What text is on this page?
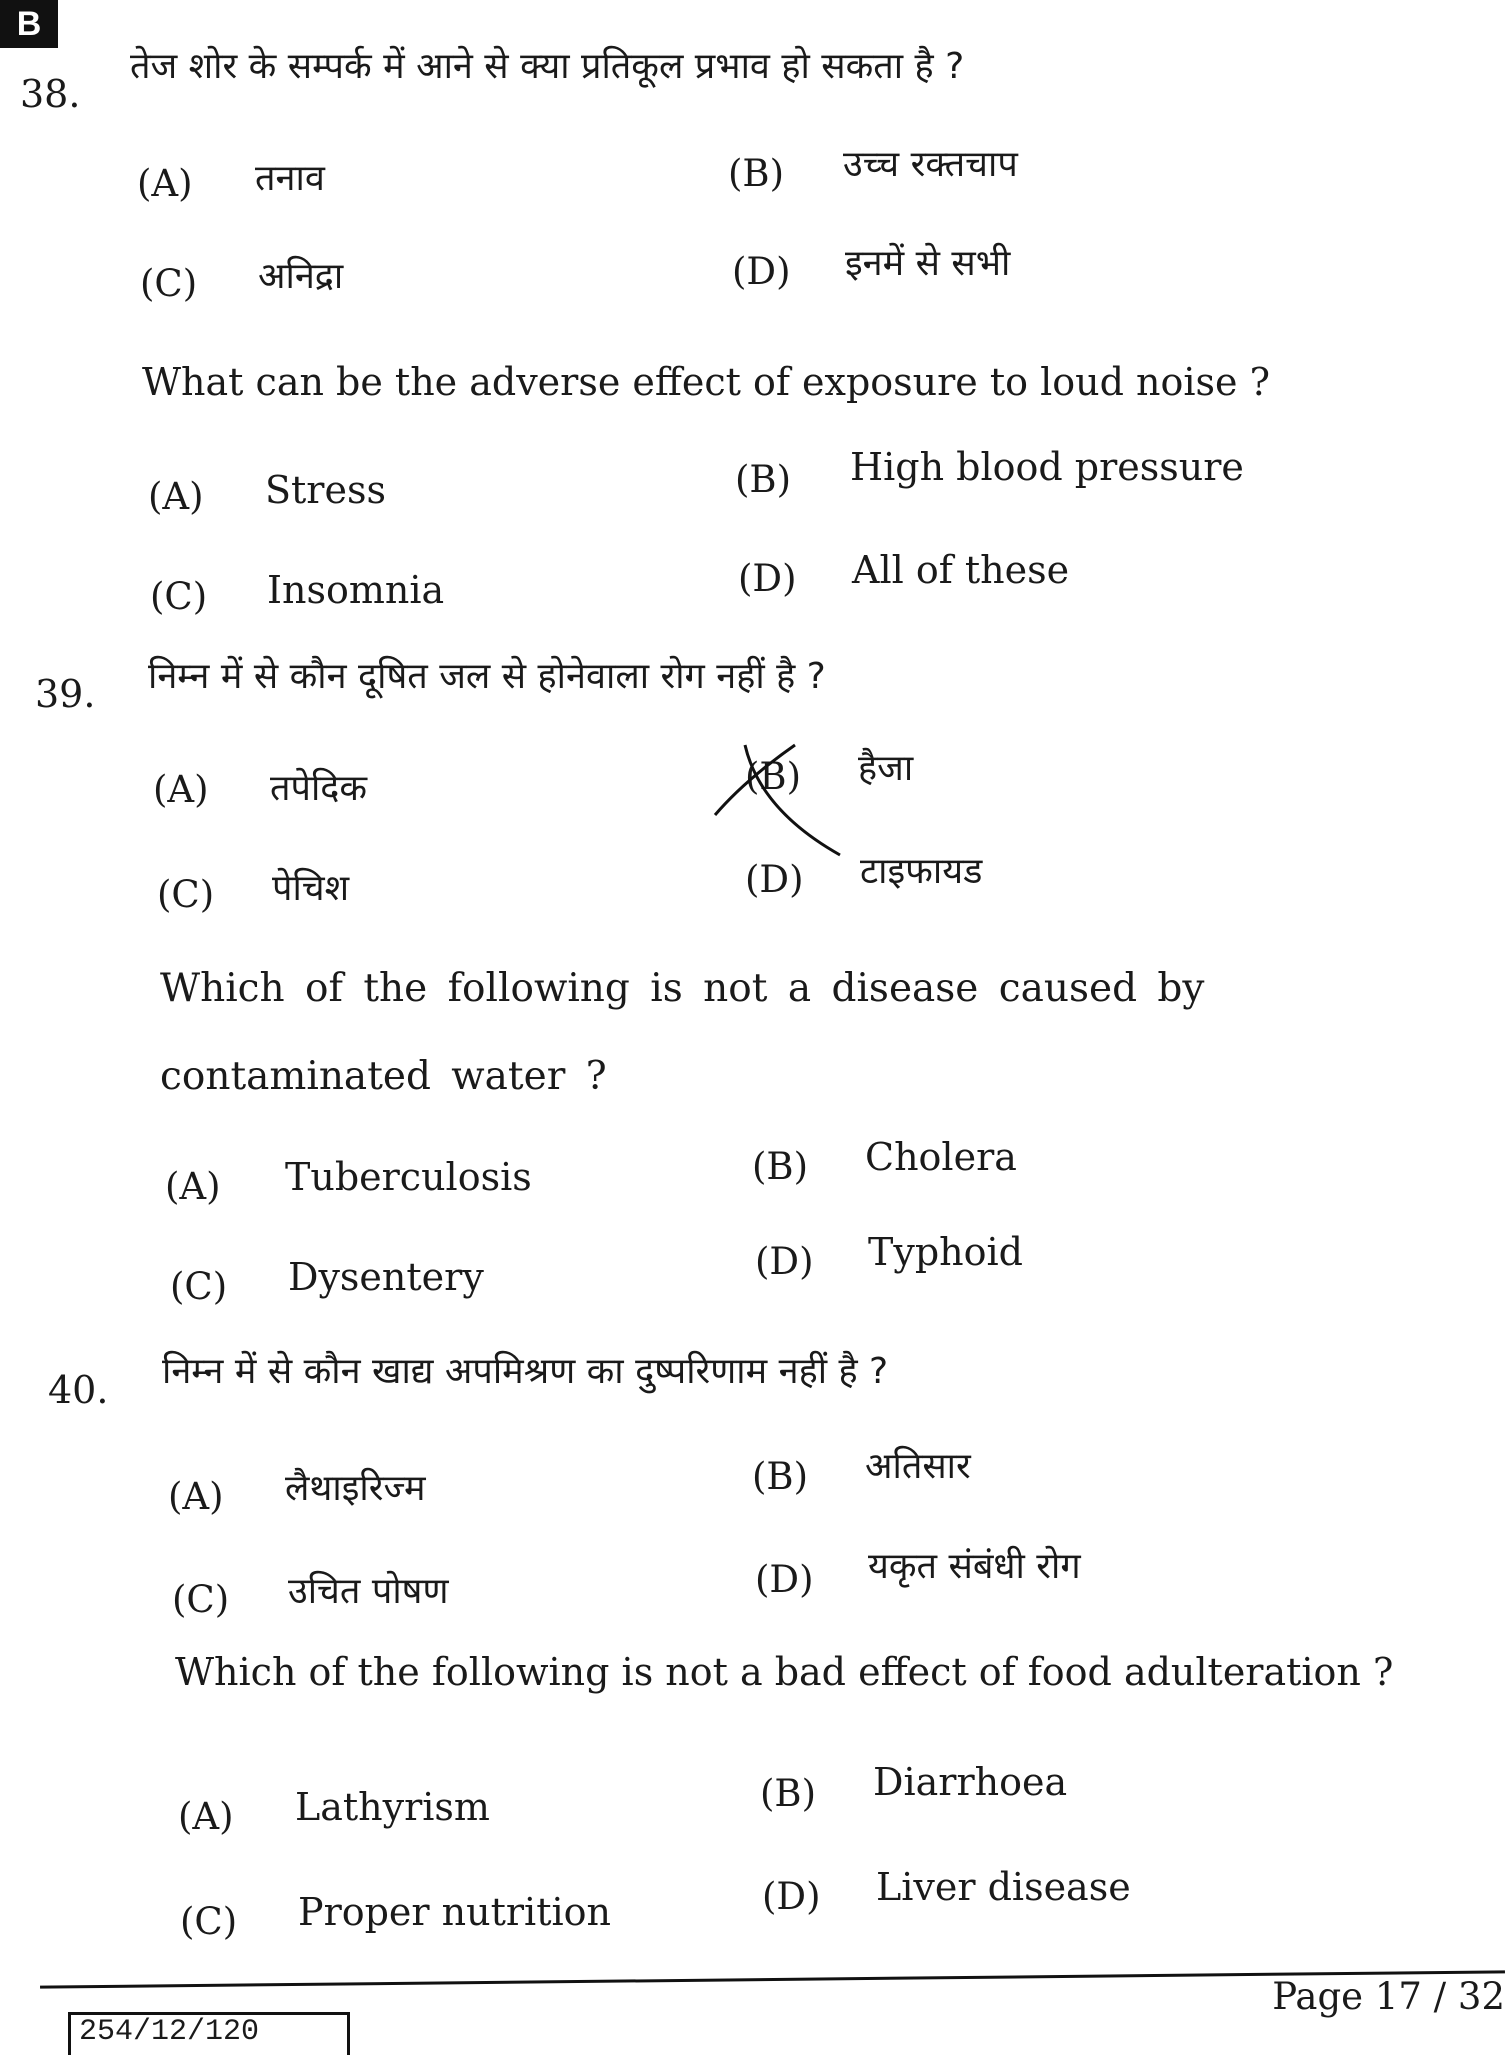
B
38.
तेज शोर के सम्पर्क में आने से क्या प्रतिकूल प्रभाव हो सकता है ?
(A) तनाव	(B) उच्च रक्तचाप
(C) अनिद्रा	(D) इनमें से सभी
What can be the adverse effect of exposure to loud noise ?
(A) Stress	(B) High blood pressure
(C) Insomnia	(D) All of these
39. निम्न में से कौन दूषित जल से होनेवाला रोग नहीं है ?
(A) तपेदिक	(B) हैजा
(C) पेचिश	(D) टाइफायड
Which of the following is not a disease caused by contaminated water ?
(A) Tuberculosis	(B) Cholera
(C) Dysentery	(D) Typhoid
40. निम्न में से कौन खाद्य अपमिश्रण का दुष्परिणाम नहीं है ?
(A) लैथाइरिज्म	(B) अतिसार
(C) उचित पोषण	(D) यकृत संबंधी रोग
Which of the following is not a bad effect of food adulteration ?
(A) Lathyrism	(B) Diarrhoea
(C) Proper nutrition	(D) Liver disease
Page 17 / 32
254/12/120
